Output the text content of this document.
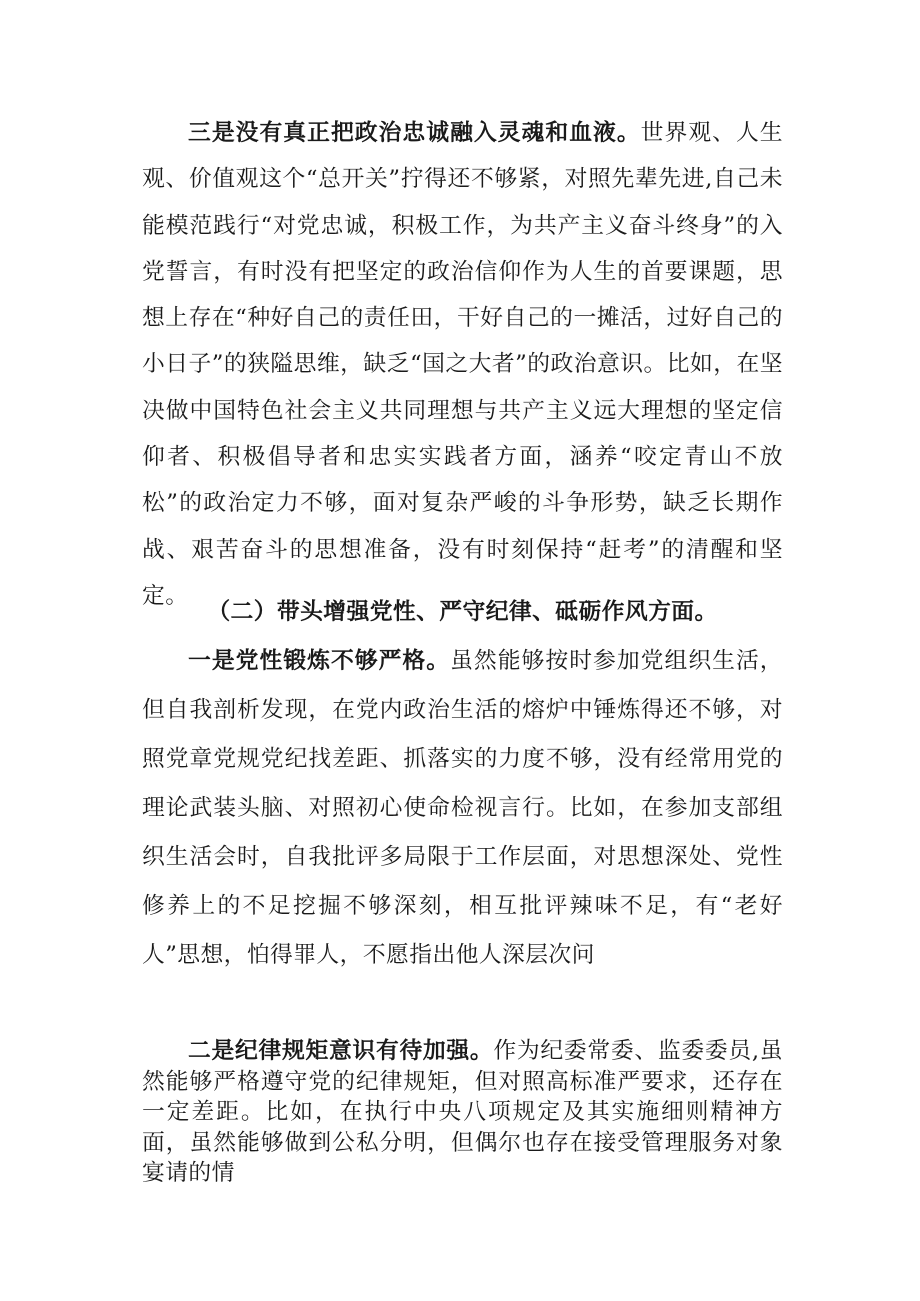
三是没有真正把政治忠诚融入灵魂和血液。世界观、人生观、价值观这个“总开关”拧得还不够紧，对照先辈先进,自己未能模范践行“对党忠诚，积极工作，为共产主义奋斗终身”的入党誓言，有时没有把坚定的政治信仰作为人生的首要课题，思想上存在“种好自己的责任田，干好自己的一摊活，过好自己的小日子”的狭隘思维，缺乏“国之大者”的政治意识。比如，在坚决做中国特色社会主义共同理想与共产主义远大理想的坚定信仰者、积极倡导者和忠实实践者方面，涵养“咬定青山不放松”的政治定力不够，面对复杂严峻的斗争形势，缺乏长期作战、艰苦奋斗的思想准备，没有时刻保持“赶考”的清醒和坚定。

（二）带头增强党性、严守纪律、砥砺作风方面。

一是党性锻炼不够严格。虽然能够按时参加党组织生活，但自我剖析发现，在党内政治生活的熔炉中锤炼得还不够，对照党章党规党纪找差距、抓落实的力度不够，没有经常用党的理论武装头脑、对照初心使命检视言行。比如，在参加支部组织生活会时，自我批评多局限于工作层面，对思想深处、党性修养上的不足挖掘不够深刻，相互批评辣味不足，有“老好人”思想，怕得罪人，不愿指出他人深层次问

二是纪律规矩意识有待加强。作为纪委常委、监委委员,虽然能够严格遵守党的纪律规矩，但对照高标准严要求，还存在一定差距。比如，在执行中央八项规定及其实施细则精神方面，虽然能够做到公私分明，但偶尔也存在接受管理服务对象宴请的情
